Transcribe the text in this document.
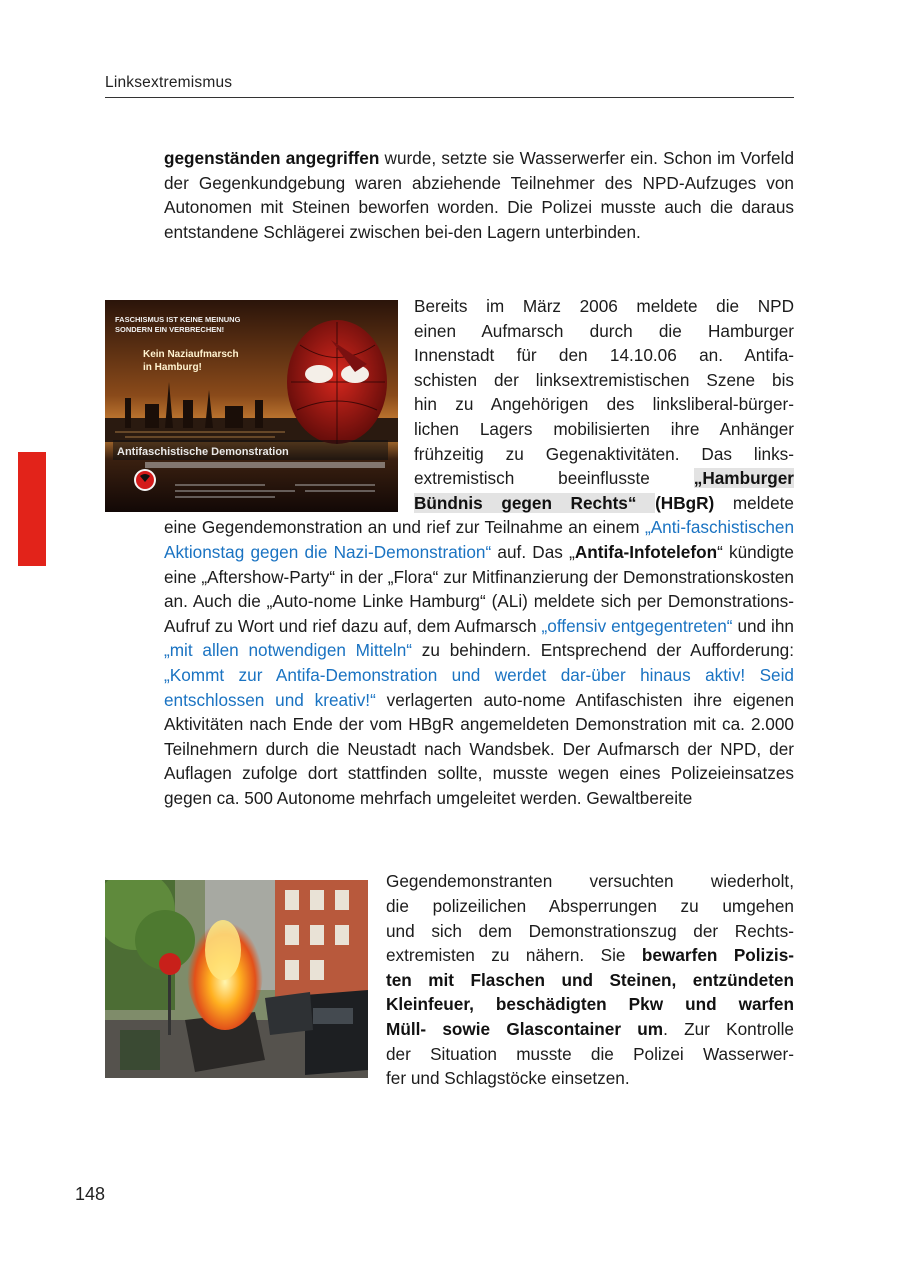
Linksextremismus
gegenständen angegriffen wurde, setzte sie Wasserwerfer ein. Schon im Vorfeld der Gegenkundgebung waren abziehende Teilnehmer des NPD-Aufzuges von Autonomen mit Steinen beworfen worden. Die Polizei musste auch die daraus entstandene Schlägerei zwischen bei-den Lagern unterbinden.
FASCHISMUS IST KEINE MEINUNG
SONDERN EIN VERBRECHEN!
Kein Naziaufmarsch
in Hamburg!
Antifaschistische Demonstration
Bereits im März 2006 meldete die NPD
einen Aufmarsch durch die Hamburger
Innenstadt für den 14.10.06 an. Antifa-
schisten der linksextremistischen Szene bis
hin zu Angehörigen des linksliberal-bürger-
lichen Lagers mobilisierten ihre Anhänger
frühzeitig zu Gegenaktivitäten. Das links-
extremistisch beeinflusste „Hamburger
Bündnis gegen Rechts“ (HBgR) meldete
eine Gegendemonstration an und rief zur Teilnahme an einem „Anti-faschistischen Aktionstag gegen die Nazi-Demonstration“ auf. Das „Antifa-Infotelefon“ kündigte eine „Aftershow-Party“ in der „Flora“ zur Mitfinanzierung der Demonstrationskosten an. Auch die „Auto-nome Linke Hamburg“ (ALi) meldete sich per Demonstrations-Aufruf zu Wort und rief dazu auf, dem Aufmarsch „offensiv entgegentreten“ und ihn „mit allen notwendigen Mitteln“ zu behindern. Entsprechend der Aufforderung: „Kommt zur Antifa-Demonstration und werdet dar-über hinaus aktiv! Seid entschlossen und kreativ!“ verlagerten auto-nome Antifaschisten ihre eigenen Aktivitäten nach Ende der vom HBgR angemeldeten Demonstration mit ca. 2.000 Teilnehmern durch die Neustadt nach Wandsbek. Der Aufmarsch der NPD, der Auflagen zufolge dort stattfinden sollte, musste wegen eines Polizeieinsatzes gegen ca. 500 Autonome mehrfach umgeleitet werden. Gewaltbereite
Gegendemonstranten versuchten wiederholt,
die polizeilichen Absperrungen zu umgehen
und sich dem Demonstrationszug der Rechts-
extremisten zu nähern. Sie bewarfen Polizis-
ten mit Flaschen und Steinen, entzündeten
Kleinfeuer, beschädigten Pkw und warfen
Müll- sowie Glascontainer um. Zur Kontrolle
der Situation musste die Polizei Wasserwer-
fer und Schlagstöcke einsetzen.
148
